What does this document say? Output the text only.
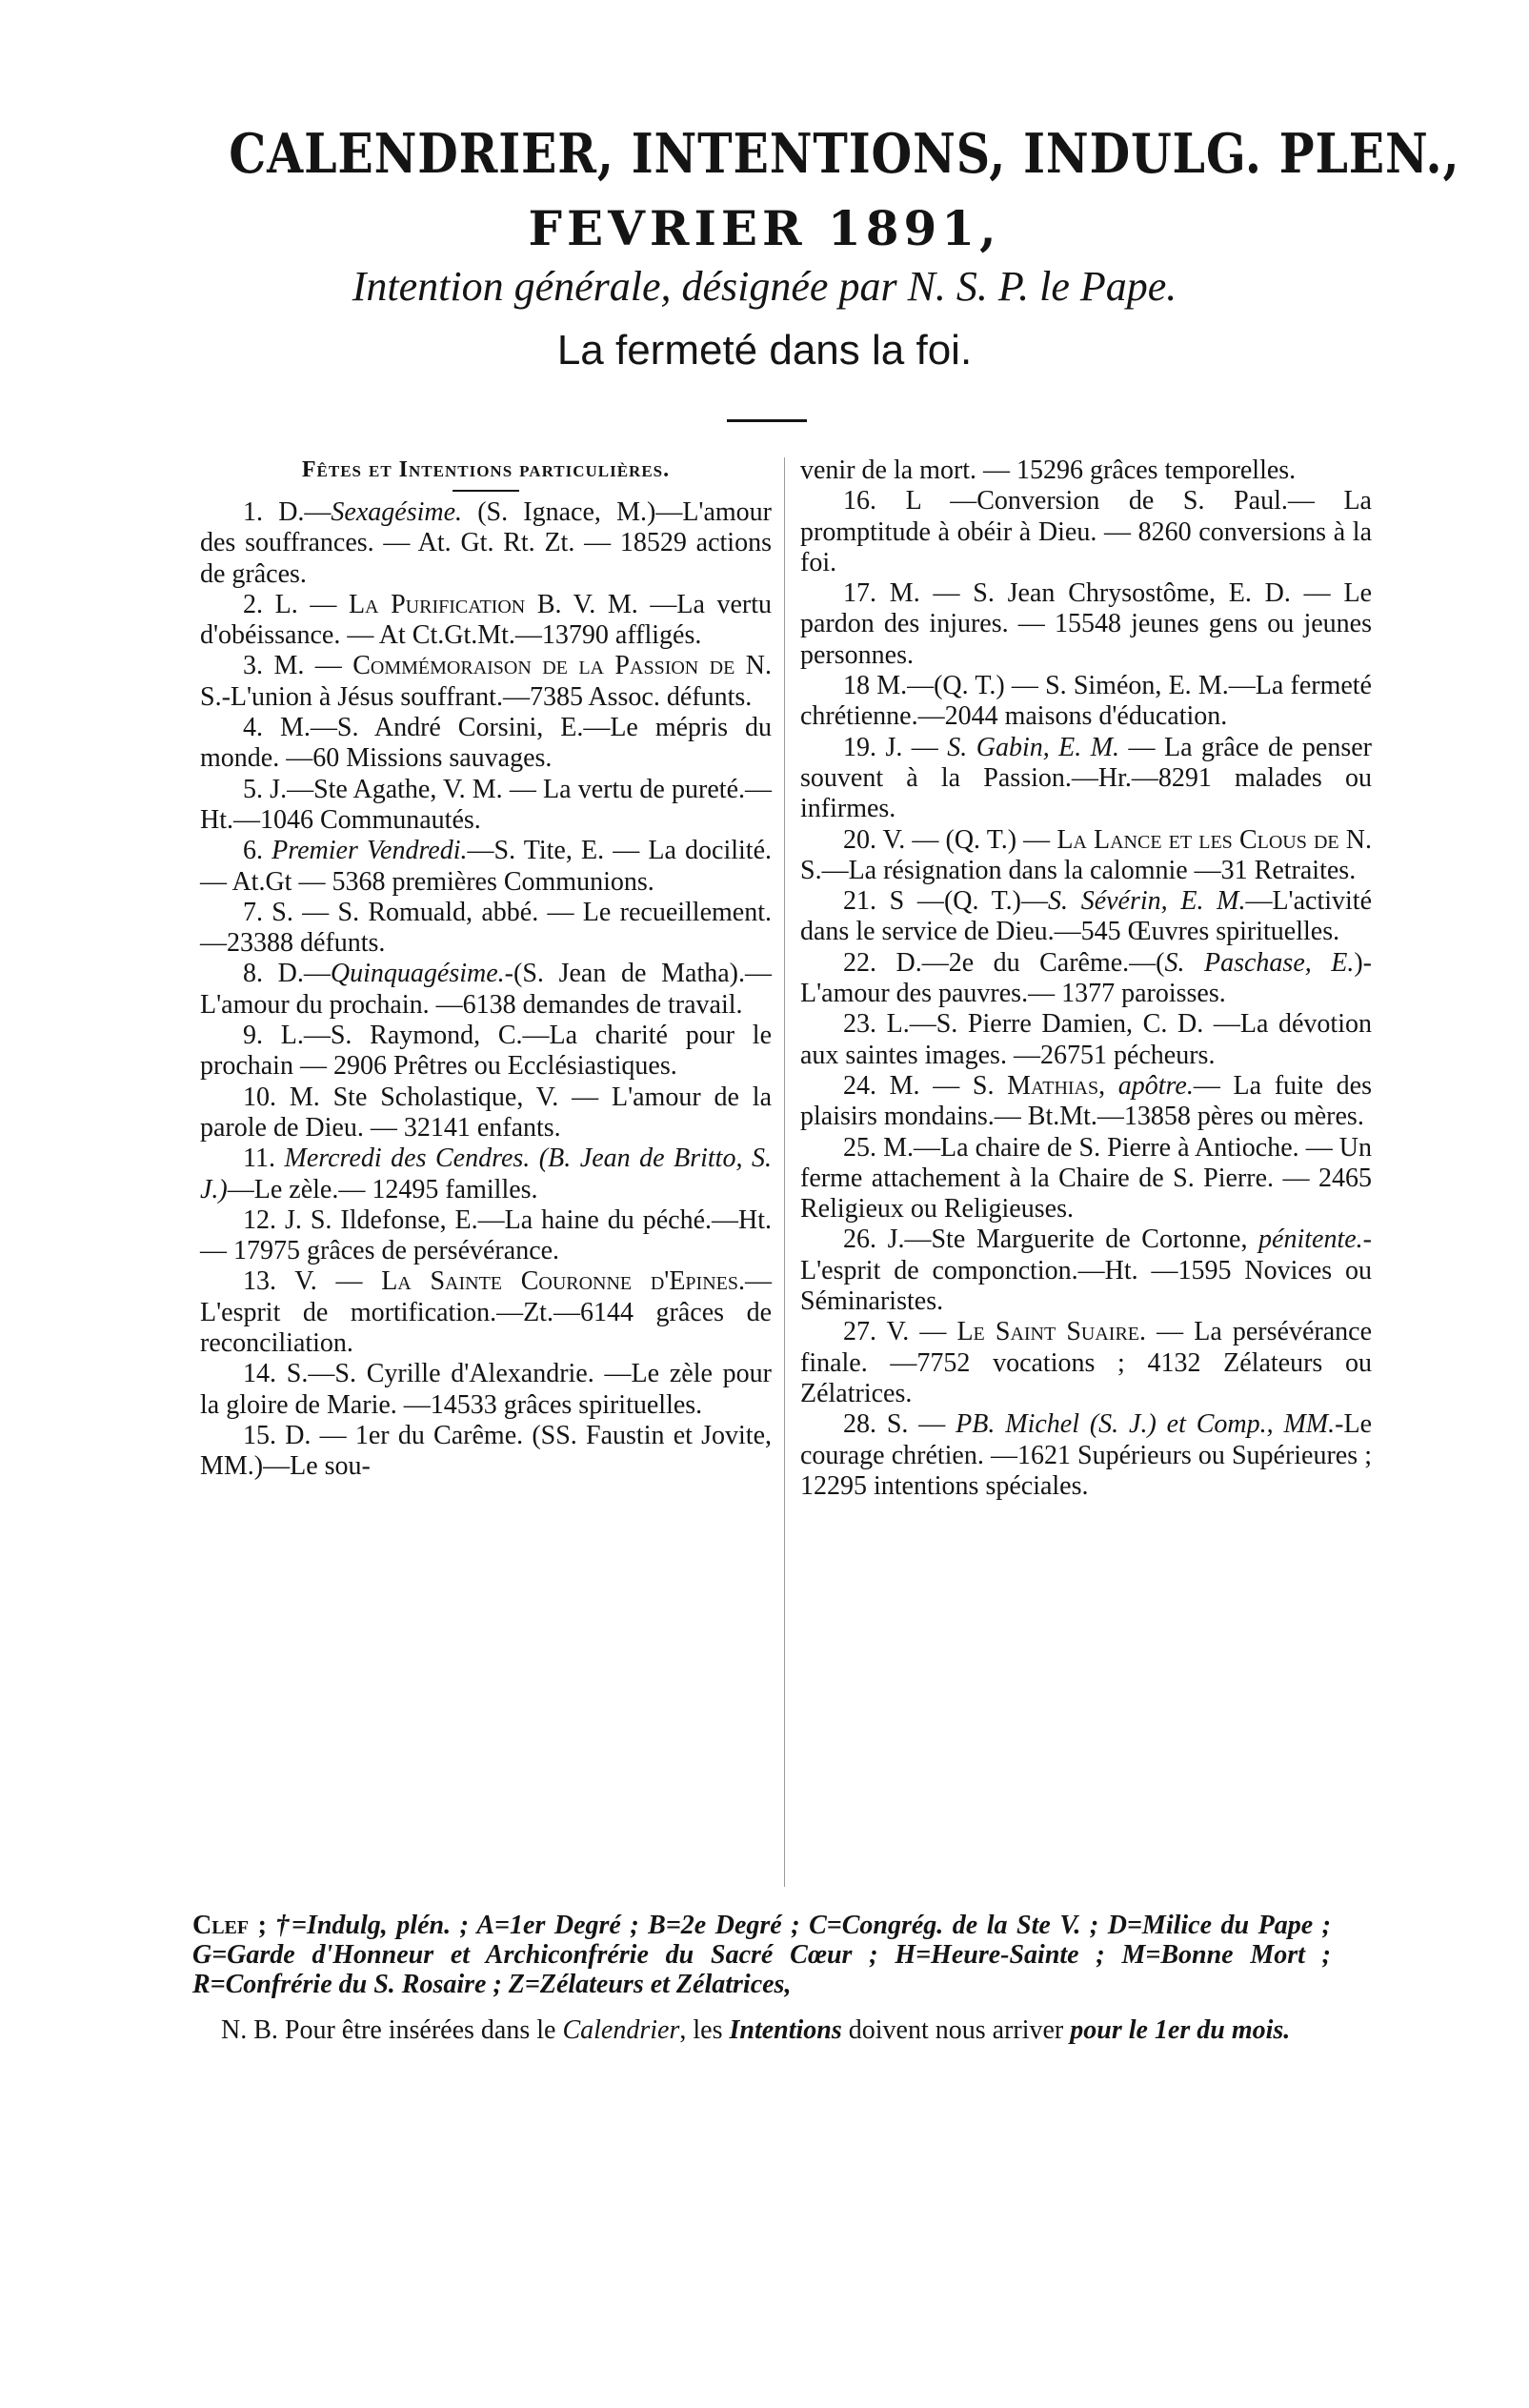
CALENDRIER, INTENTIONS, INDULG. PLEN.,
FEVRIER 1891,
Intention générale, désignée par N. S. P. le Pape.
La fermeté dans la foi.
Fêtes et Intentions particulières.

1. D.—Sexagésime. (S. Ignace, M.)—L'amour des souffrances. — At. Gt. Rt. Zt. — 18529 actions de grâces.

2. L. — La Purification B. V. M. —La vertu d'obéissance. — At Ct.Gt.Mt.—13790 affligés.

3. M. — Commémoraison de la Passion de N. S.-L'union à Jésus souffrant.—7385 Assoc. défunts.

4. M.—S. André Corsini, E.—Le mépris du monde. —60 Missions sauvages.

5. J.—Ste Agathe, V. M. — La vertu de pureté.—Ht.—1046 Communautés.

6. Premier Vendredi.—S. Tite, E. — La docilité. — At.Gt — 5368 premières Communions.

7. S. — S. Romuald, abbé. — Le recueillement.—23388 défunts.

8. D.—Quinquagésime.-(S. Jean de Matha).—L'amour du prochain. —6138 demandes de travail.

9. L.—S. Raymond, C.—La charité pour le prochain — 2906 Prêtres ou Ecclésiastiques.

10. M. Ste Scholastique, V. — L'amour de la parole de Dieu. — 32141 enfants.

11. Mercredi des Cendres. (B. Jean de Britto, S. J.)—Le zèle.— 12495 familles.

12. J. S. Ildefonse, E.—La haine du péché.—Ht. — 17975 grâces de persévérance.

13. V. — La Sainte Couronne d'Epines.—L'esprit de mortification.—Zt.—6144 grâces de reconciliation.

14. S.—S. Cyrille d'Alexandrie. —Le zèle pour la gloire de Marie. —14533 grâces spirituelles.

15. D. — 1er du Carême. (SS. Faustin et Jovite, MM.)—Le sou-

venir de la mort. — 15296 grâces temporelles.

16. L —Conversion de S. Paul.— La promptitude à obéir à Dieu. — 8260 conversions à la foi.

17. M. — S. Jean Chrysostôme, E. D. — Le pardon des injures. — 15548 jeunes gens ou jeunes personnes.

18 M.—(Q. T.) — S. Siméon, E. M.—La fermeté chrétienne.—2044 maisons d'éducation.

19. J. — S. Gabin, E. M. — La grâce de penser souvent à la Passion.—Hr.—8291 malades ou infirmes.

20. V. — (Q. T.) — La Lance et les Clous de N. S.—La résignation dans la calomnie —31 Retraites.

21. S —(Q. T.)—S. Sévérin, E. M.—L'activité dans le service de Dieu.—545 Œuvres spirituelles.

22. D.—2e du Carême.—(S. Paschase, E.)-L'amour des pauvres.— 1377 paroisses.

23. L.—S. Pierre Damien, C. D. —La dévotion aux saintes images. —26751 pécheurs.

24. M. — S. Mathias, apôtre.— La fuite des plaisirs mondains.— Bt.Mt.—13858 pères ou mères.

25. M.—La chaire de S. Pierre à Antioche. — Un ferme attachement à la Chaire de S. Pierre. — 2465 Religieux ou Religieuses.

26. J.—Ste Marguerite de Cortonne, pénitente.-L'esprit de componction.—Ht. —1595 Novices ou Séminaristes.

27. V. — Le Saint Suaire. — La persévérance finale. —7752 vocations ; 4132 Zélateurs ou Zélatrices.

28. S. — PB. Michel (S. J.) et Comp., MM.-Le courage chrétien. —1621 Supérieurs ou Supérieures ; 12295 intentions spéciales.

Clef ; †=Indulg, plén. ; A=1er Degré ; B=2e Degré ; C=Congrég. de la Ste V. ; D=Milice du Pape ; G=Garde d'Honneur et Archiconfrérie du Sacré Cœur ; H=Heure-Sainte ; M=Bonne Mort ; R=Confrérie du S. Rosaire ; Z=Zélateurs et Zélatrices,
N. B. Pour être insérées dans le Calendrier, les Intentions doivent nous arriver pour le 1er du mois.
